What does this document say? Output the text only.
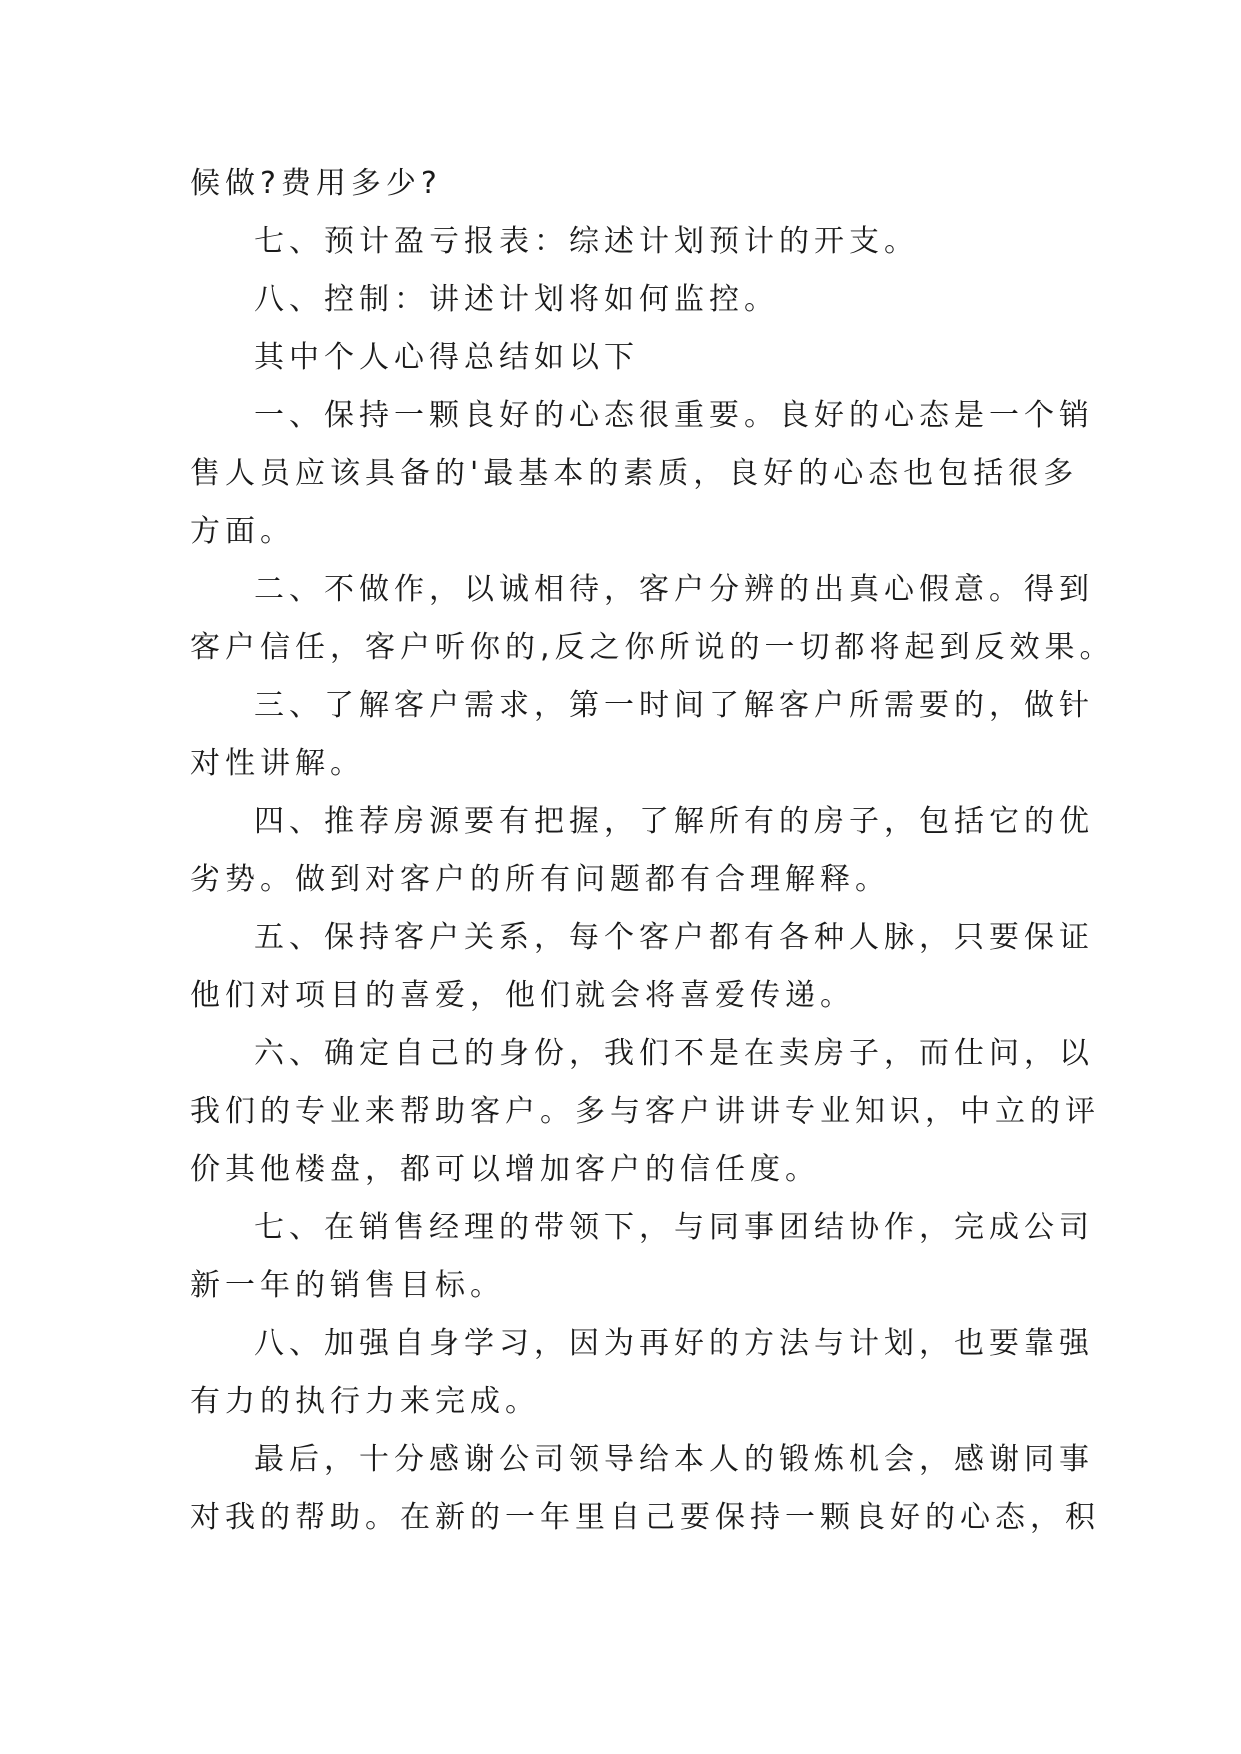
候做?费用多少?
七、预计盈亏报表：综述计划预计的开支。
八、控制：讲述计划将如何监控。
其中个人心得总结如以下
一、保持一颗良好的心态很重要。良好的心态是一个销
售人员应该具备的'最基本的素质，良好的心态也包括很多
方面。
二、不做作，以诚相待，客户分辨的出真心假意。得到
客户信任，客户听你的,反之你所说的一切都将起到反效果。
三、了解客户需求，第一时间了解客户所需要的，做针
对性讲解。
四、推荐房源要有把握，了解所有的房子，包括它的优
劣势。做到对客户的所有问题都有合理解释。
五、保持客户关系，每个客户都有各种人脉，只要保证
他们对项目的喜爱，他们就会将喜爱传递。
六、确定自己的身份，我们不是在卖房子，而仕问，以
我们的专业来帮助客户。多与客户讲讲专业知识，中立的评
价其他楼盘，都可以增加客户的信任度。
七、在销售经理的带领下，与同事团结协作，完成公司
新一年的销售目标。
八、加强自身学习，因为再好的方法与计划，也要靠强
有力的执行力来完成。
最后，十分感谢公司领导给本人的锻炼机会，感谢同事
对我的帮助。在新的一年里自己要保持一颗良好的心态，积
